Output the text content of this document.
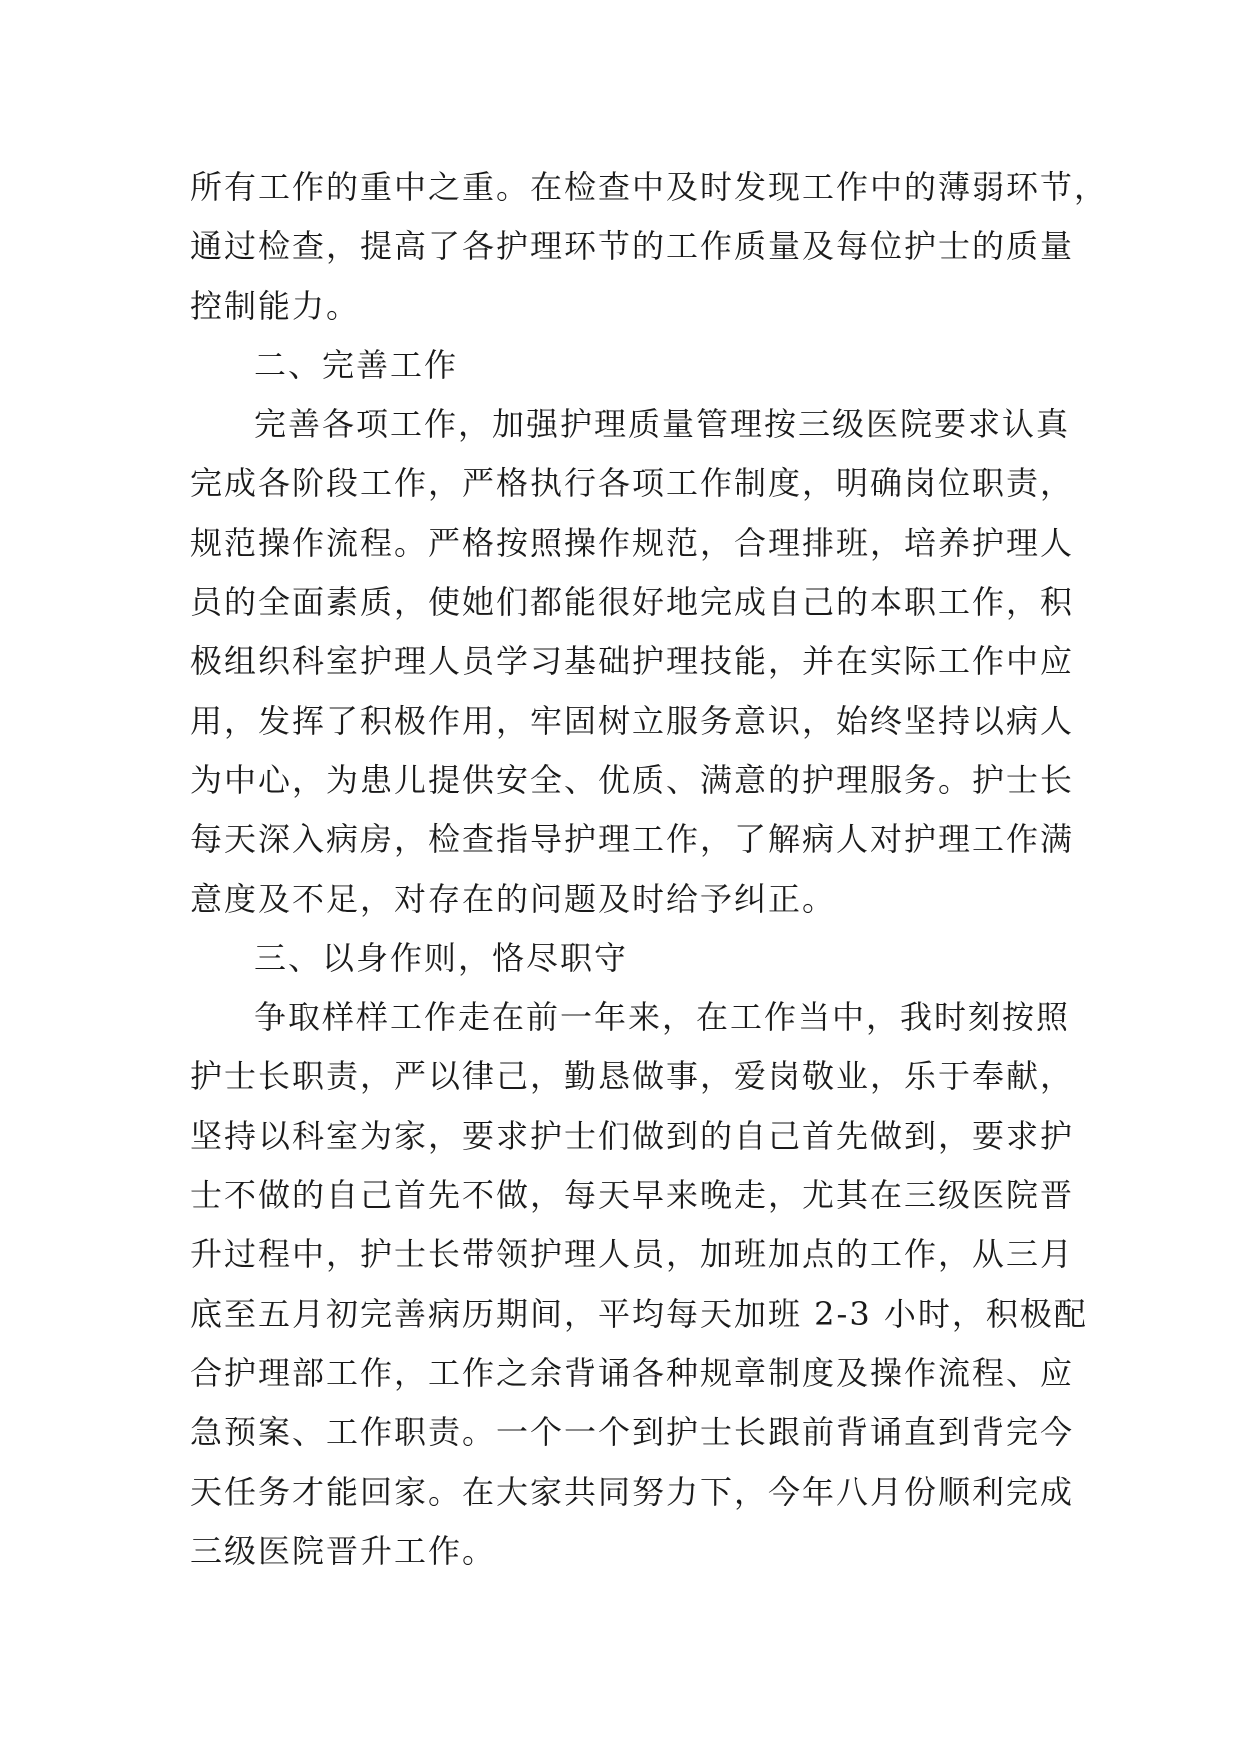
所有工作的重中之重。在检查中及时发现工作中的薄弱环节，
通过检查，提高了各护理环节的工作质量及每位护士的质量
控制能力。
二、完善工作
完善各项工作，加强护理质量管理按三级医院要求认真
完成各阶段工作，严格执行各项工作制度，明确岗位职责，
规范操作流程。严格按照操作规范，合理排班，培养护理人
员的全面素质，使她们都能很好地完成自己的本职工作，积
极组织科室护理人员学习基础护理技能，并在实际工作中应
用，发挥了积极作用，牢固树立服务意识，始终坚持以病人
为中心，为患儿提供安全、优质、满意的护理服务。护士长
每天深入病房，检查指导护理工作，了解病人对护理工作满
意度及不足，对存在的问题及时给予纠正。
三、以身作则，恪尽职守
争取样样工作走在前一年来，在工作当中，我时刻按照
护士长职责，严以律己，勤恳做事，爱岗敬业，乐于奉献，
坚持以科室为家，要求护士们做到的自己首先做到，要求护
士不做的自己首先不做，每天早来晚走，尤其在三级医院晋
升过程中，护士长带领护理人员，加班加点的工作，从三月
底至五月初完善病历期间，平均每天加班 2-3 小时，积极配
合护理部工作，工作之余背诵各种规章制度及操作流程、应
急预案、工作职责。一个一个到护士长跟前背诵直到背完今
天任务才能回家。在大家共同努力下，今年八月份顺利完成
三级医院晋升工作。
